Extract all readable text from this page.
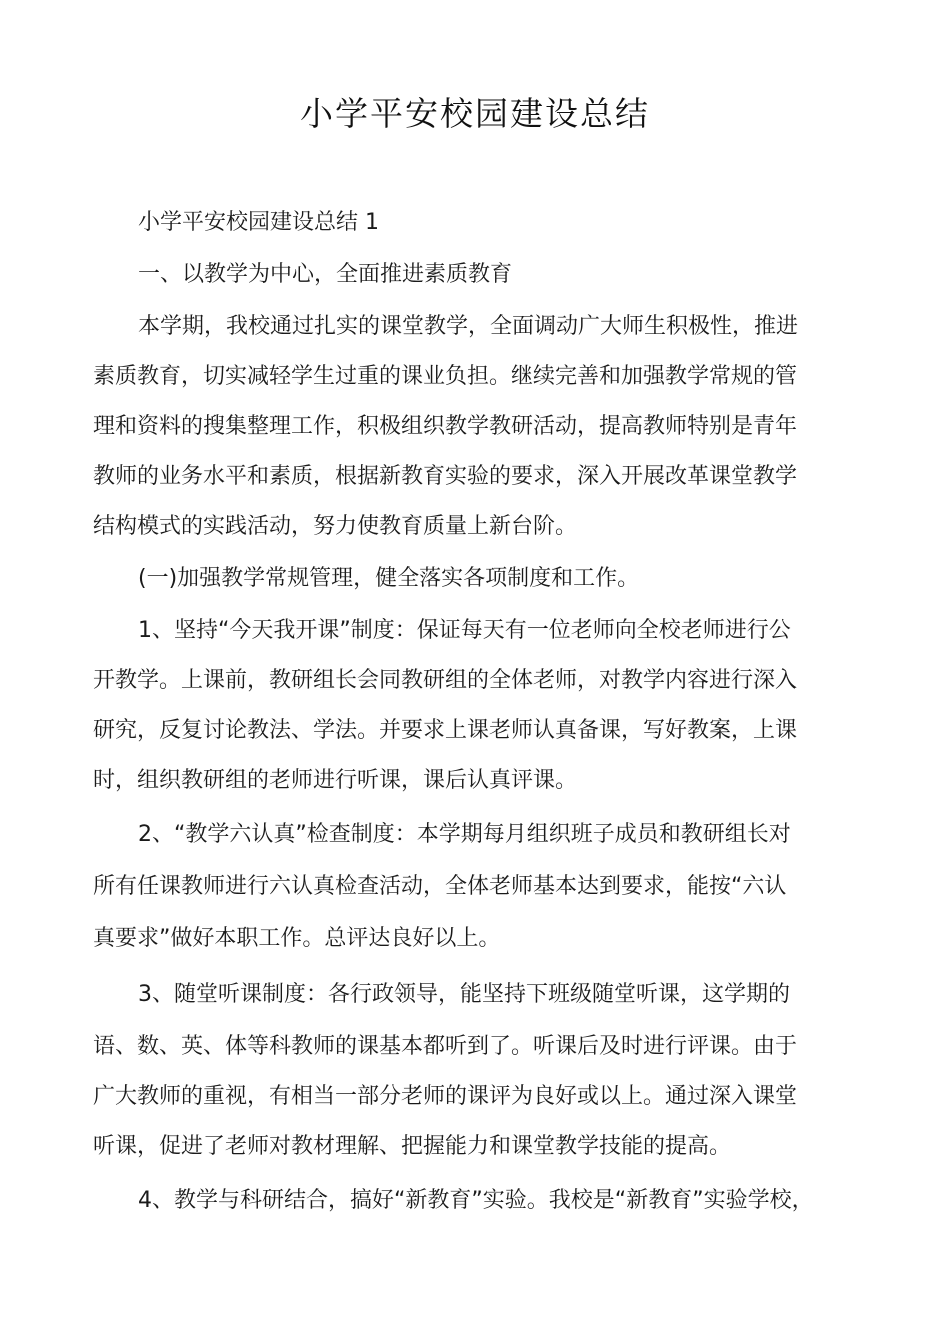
小学平安校园建设总结

小学平安校园建设总结 1

一、以教学为中心，全面推进素质教育

本学期，我校通过扎实的课堂教学，全面调动广大师生积极性，推进

素质教育，切实减轻学生过重的课业负担。继续完善和加强教学常规的管

理和资料的搜集整理工作，积极组织教学教研活动，提高教师特别是青年

教师的业务水平和素质，根据新教育实验的要求，深入开展改革课堂教学

结构模式的实践活动，努力使教育质量上新台阶。

(一)加强教学常规管理，健全落实各项制度和工作。

1、坚持“今天我开课”制度：保证每天有一位老师向全校老师进行公

开教学。上课前，教研组长会同教研组的全体老师，对教学内容进行深入

研究，反复讨论教法、学法。并要求上课老师认真备课，写好教案，上课

时，组织教研组的老师进行听课，课后认真评课。

2、“教学六认真”检查制度：本学期每月组织班子成员和教研组长对

所有任课教师进行六认真检查活动，全体老师基本达到要求，能按“六认

真要求”做好本职工作。总评达良好以上。

3、随堂听课制度：各行政领导，能坚持下班级随堂听课，这学期的

语、数、英、体等科教师的课基本都听到了。听课后及时进行评课。由于

广大教师的重视，有相当一部分老师的课评为良好或以上。通过深入课堂

听课，促进了老师对教材理解、把握能力和课堂教学技能的提高。

4、教学与科研结合，搞好“新教育”实验。我校是“新教育”实验学校，
